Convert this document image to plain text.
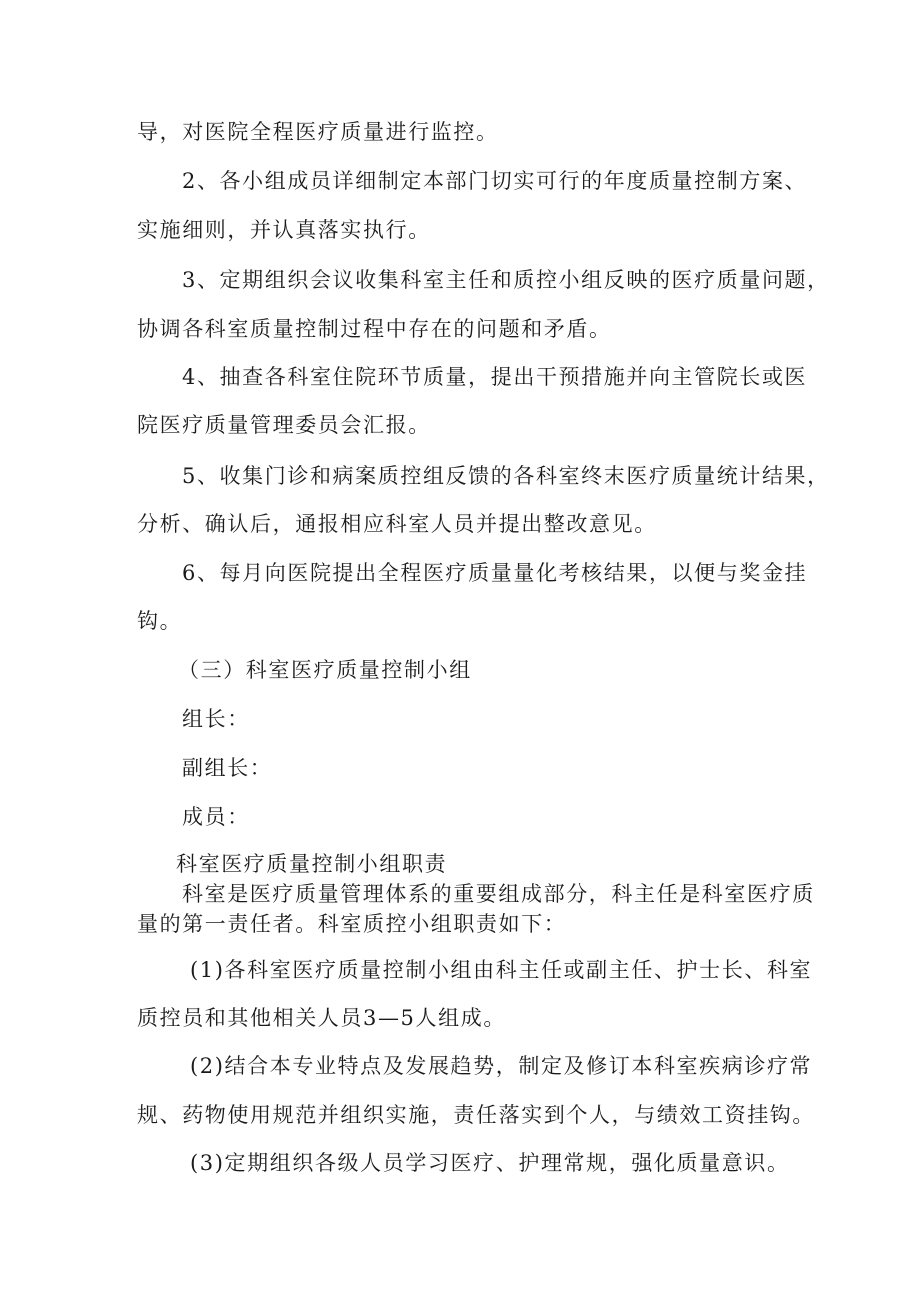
导，对医院全程医疗质量进行监控。
2、各小组成员详细制定本部门切实可行的年度质量控制方案、
实施细则，并认真落实执行。
3、定期组织会议收集科室主任和质控小组反映的医疗质量问题，
协调各科室质量控制过程中存在的问题和矛盾。
4、抽查各科室住院环节质量，提出干预措施并向主管院长或医
院医疗质量管理委员会汇报。
5、收集门诊和病案质控组反馈的各科室终末医疗质量统计结果，
分析、确认后，通报相应科室人员并提出整改意见。
6、每月向医院提出全程医疗质量量化考核结果，以便与奖金挂
钩。
（三）科室医疗质量控制小组
组长：
副组长：
成员：
科室医疗质量控制小组职责
科室是医疗质量管理体系的重要组成部分，科主任是科室医疗质
量的第一责任者。科室质控小组职责如下：
(1)各科室医疗质量控制小组由科主任或副主任、护士长、科室
质控员和其他相关人员3—5人组成。
(2)结合本专业特点及发展趋势，制定及修订本科室疾病诊疗常
规、药物使用规范并组织实施，责任落实到个人，与绩效工资挂钩。
(3)定期组织各级人员学习医疗、护理常规，强化质量意识。
